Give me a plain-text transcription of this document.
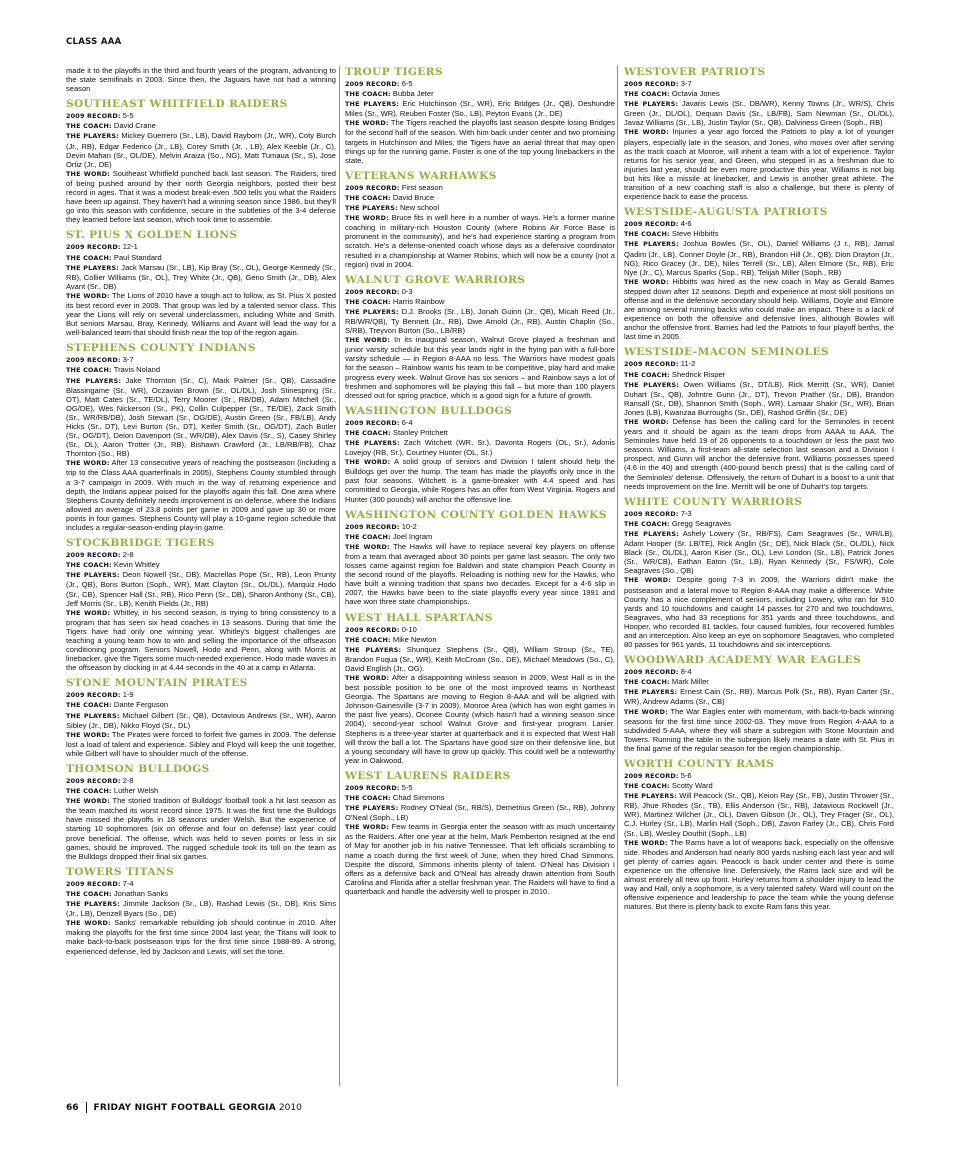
CLASS AAA

made it to the playoffs in the third and fourth years of the program, advancing to the state semifinals in 2003. Since then, the Jaguars have not had a winning season

SOUTHEAST WHITFIELD RAIDERS

2009 RECORD: 5-5

THE COACH: David Crane

THE PLAYERS: Mickey Guerrero (Sr., LB), David Rayborn (Jr., WR), Coty Burch (Jr., RB), Edgar Federico (Jr., LB), Corey Smith (Jr. , LB), Alex Keeble (Jr., C), Devin Mahan (Sr., OL/DE), Melvin Araiza (So., NG), Matt Tumaua (Sr., S), Jose Ortiz (Jr., DE)

THE WORD: Southeast Whitfield punched back last season. The Raiders, tired of being pushed around by their north Georgia neighbors, posted their best record in ages. That it was a modest break-even .500 tells you what the Raiders have been up against. They haven't had a winning season since 1986, but they'll go into this season with confidence, secure in the subtleties of the 3-4 defense they learned before last season, which took time to assemble.

ST. PIUS X GOLDEN LIONS

2009 RECORD: 12-1

THE COACH: Paul Standard

THE PLAYERS: Jack Marsau (Sr., LB), Kip Bray (Sr., OL), George Kennedy (Sr., RB), Collier Williams (Sr., OL), Trey White (Jr., QB), Geno Smith (Jr., DB), Alex Avant (Sr., DB)

THE WORD: The Lions of 2010 have a tough act to follow, as St. Pius X posted its best record ever in 2009. That group was led by a talented senior class. This year the Lions will rely on several underclassmen, including White and Smith. But seniors Marsau, Bray, Kennedy, Williams and Avant will lead the way for a well-balanced team that should finish near the top of the region again.

STEPHENS COUNTY INDIANS

2009 RECORD: 3-7

THE COACH: Travis Noland

THE PLAYERS: Jake Thornton (Sr., C), Mark Palmer (Sr., QB), Cassadine Blassingame (Sr., WR), Oczavian Brown (Sr., OL/DL), Josh Stinespring (Sr., OT), Matt Cates (Sr., TE/DL), Terry Moorer (Sr., RB/DB), Adam Mitchell (Sr., OG/DE), Wes Nickerson (Sr., PK), Collin Culpepper (Sr., TE/DE), Zack Smith (Sr., WR/RB/DB), Josh Stewart (Sr., OG/DE), Austin Green (Sr., FB/LB), Andy Hicks (Sr., DT), Levi Burton (Sr., DT), Keifer Smith (Sr., OG/DT), Zach Butler (Sr., OG/DT), Deion Davenport (Sr., WR/DB), Alex Davis (Sr., S), Casey Shirley (Sr., OL), Aaron Trotter (Jr., RB), Bishawn Crawford (Jr., LB/RB/FB), Chaz Thornton (So., RB)

THE WORD: After 13 consecutive years of reaching the postseason (including a trip to the Class AAA quarterfinals in 2005), Stephens County stumbled through a 3-7 campaign in 2009. With much in the way of returning experience and depth, the Indians appear poised for the playoffs again this fall. One area where Stephens County definitely needs improvement is on defense, where the Indians allowed an average of 23.8 points per game in 2009 and gave up 30 or more points in four games. Stephens County will play a 10-game region schedule that includes a regular-season-ending play-in game.

STOCKBRIDGE TIGERS

2009 RECORD: 2-8

THE COACH: Kevin Whitley

THE PLAYERS: Deon Nowell (Sr., DB), Macrellas Pope (Sr., RB), Leon Prunty (Jr., QB), Boris Burton (Soph., WR), Matt Clayton (Sr., OL/DL), Marquiz Hodo (Sr., CB), Spencer Hall (Sr., RB), Rico Penn (Sr., DB), Sharon Anthony (Sr., CB), Jeff Morris (Sr., LB), Kenith Fields (Jr., RB)

THE WORD: Whitley, in his second season, is trying to bring consistency to a program that has seen six head coaches in 13 seasons. During that time the Tigers have had only one winning year. Whitley's biggest challenges are teaching a young team how to win and selling the importance of the offseason conditioning program. Seniors Nowell, Hodo and Penn, along with Morris at linebacker, give the Tigers some much-needed experience. Hodo made waves in the offseason by clocking in at 4.44 seconds in the 40 at a camp in Atlanta.

STONE MOUNTAIN PIRATES

2009 RECORD: 1-9

THE COACH: Dante Ferguson

THE PLAYERS: Michael Gilbert (Sr., QB), Octavious Andrews (Sr., WR), Aaron Sibley (Jr., DB), Nikko Floyd (Sr., DL)

THE WORD: The Pirates were forced to forfeit five games in 2009. The defense lost a load of talent and experience. Sibley and Floyd will keep the unit together, while Gilbert will have to shoulder much of the offense.

THOMSON BULLDOGS

2009 RECORD: 2-8

THE COACH: Luther Welsh

THE WORD: The storied tradition of Bulldogs' football took a hit last season as the team matched its worst record since 1975. It was the first time the Bulldogs have missed the playoffs in 18 seasons under Welsh. But the experience of starting 10 sophomores (six on offense and four on defense) last year could prove beneficial. The offense, which was held to seven points or less in six games, should be improved. The rugged schedule took its toll on the team as the Bulldogs dropped their final six games.

TOWERS TITANS

2009 RECORD: 7-4

THE COACH: Jonathan Sanks

THE PLAYERS: Jimmile Jackson (Sr., LB), Rashad Lewis (Sr., DB), Kris Sims (Jr., LB), Denzell Byars (So., DE)

THE WORD: Sanks' remarkable rebuilding job should continue in 2010. After making the playoffs for the first time since 2004 last year, the Titans will look to make back-to-back postseason trips for the first time since 1988-89. A strong, experienced defense, led by Jackson and Lewis, will set the tone.

TROUP TIGERS

2009 RECORD: 6-5

THE COACH: Bubba Jeter

THE PLAYERS: Eric Hutchinson (Sr., WR), Eric Bridges (Jr., QB), Deshundre Miles (Sr., WR), Reuben Foster (So., LB), Peyton Evans (Jr., DE)

THE WORD: The Tigers reached the playoffs last season despite losing Bridges for the second half of the season. With him back under center and two promising targets in Hutchinson and Miles, the Tigers have an aerial threat that may open things up for the running game. Foster is one of the top young linebackers in the state.

VETERANS WARHAWKS

2009 RECORD: First season

THE COACH: David Bruce

THE PLAYERS: New school

THE WORD: Bruce fits in well here in a number of ways. He's a former marine coaching in military-rich Houston County (where Robins Air Force Base is prominent in the community), and he's had experience starting a program from scratch. He's a defense-oriented coach whose days as a defensive coordinator resulted in a championship at Warner Robins, which will now be a county (not a region) rival in 2004.

WALNUT GROVE WARRIORS

2009 RECORD: 0-3

THE COACH: Harris Rainbow

THE PLAYERS: D.J. Brooks (Sr., LB), Jonah Guinn (Jr., QB), Micah Reed (Jr., RB/WR/QB), Ty Bennett (Jr., RB), Dwe Arnold (Jr., RB), Austin Chaplin (So., S/RB), Treyvon Burton (So., LB/RB)

THE WORD: In its inaugural season, Walnut Grove played a freshman and junior varsity schedule but this year lands right in the frying pan with a full-bore varsity schedule — in Region 8-AAA no less. The Warriors have modest goals for the season – Rainbow wants his team to be competitive, play hard and make progress every week. Walnut Grove has six seniors – and Rainbow says a lot of freshmen and sophomores will be playing this fall – but more than 100 players dressed out for spring practice, which is a good sign for a future of growth.

WASHINGTON BULLDOGS

2009 RECORD: 6-4

THE COACH: Stanley Pritchett

THE PLAYERS: Zach Witchett (WR, Sr.), Davonta Rogers (OL, Sr.), Adonis Lovejoy (RB, Sr.), Courtney Hunter (OL, Sr.)

THE WORD: A solid group of seniors and Division I talent should help the Bulldogs get over the hump. The team has made the playoffs only once in the past four seasons. Witchett is a game-breaker with 4.4 speed and has committed to Georgia, while Rogers has an offer from West Virginia. Rogers and Hunter (300 pounds) will anchor the offensive line.

WASHINGTON COUNTY GOLDEN HAWKS

2009 RECORD: 10-2

THE COACH: Joel Ingram

THE WORD: The Hawks will have to replace several key players on offense from a team that averaged about 30 points per game last season. The only two losses came against region foe Baldwin and state champion Peach County in the second round of the playoffs. Reloading is nothing new for the Hawks, who have built a winning tradition that spans two decades. Except for a 4-6 slip in 2007, the Hawks have been to the state playoffs every year since 1991 and have won three state championships.

WEST HALL SPARTANS

2009 RECORD: 0-10

THE COACH: Mike Newton

THE PLAYERS: Shunquez Stephens (Sr., QB), William Stroup (Sr., TE), Brandon Fuqua (Sr., WR), Keith McCroan (So., DE), Michael Meadows (So., C), David English (Jr., OG).

THE WORD: After a disappointing winless season in 2009, West Hall is in the best possible position to be one of the most improved teams in Northeast Georgia. The Spartans are moving to Region 8-AAA and will be aligned with Johnson-Gainesville (3-7 in 2009), Monroe Area (which has won eight games in the past five years), Oconee County (which hasn't had a winning season since 2004), second-year school Walnut Grove and first-year program Lanier. Stephens is a three-year starter at quarterback and it is expected that West Hall will throw the ball a lot. The Spartans have good size on their defensive line, but a young secondary will have to grow up quickly. This could well be a noteworthy year in Oakwood.

WEST LAURENS RAIDERS

2009 RECORD: 5-5

THE COACH: Chad Simmons

THE PLAYERS: Rodney O'Neal (Sr., RB/S), Demetrius Green (Sr., RB), Johnny O'Neal (Soph., LB)

THE WORD: Few teams in Georgia enter the season with as much uncertainty as the Raiders. After one year at the helm, Mark Pemberton resigned at the end of May for another job in his native Tennessee. That left officials scrambling to name a coach during the first week of June, when they hired Chad Simmons. Despite the discord, Simmons inherits plenty of talent. O'Neal has Division I offers as a defensive back and O'Neal has already drawn attention from South Carolina and Florida after a stellar freshman year. The Raiders will have to find a quarterback and handle the adversity well to prosper in 2010.

WESTOVER PATRIOTS

2009 RECORD: 3-7

THE COACH: Octavia Jones

THE PLAYERS: Javaris Lewis (Sr., DB/WR), Kenny Towns (Jr., WR/S), Chris Green (Jr., DL/OL), Dequan Davis (Sr., LB/FB), Sam Newman (Sr., OL/DL), Javaz Williams (Sr., LB), Justin Taylor (Sr., QB), Dalviness Green (Soph., RB)

THE WORD: Injuries a year ago forced the Patriots to play a lot of younger players, especially late in the season, and Jones, who moves over after serving as the track coach at Monroe, will inherit a team with a lot of experience. Taylor returns for his senior year, and Green, who stepped in as a freshman due to injuries last year, should be even more productive this year. Williams is not big but hits like a missile at linebacker, and Lewis is another great athlete. The transition of a new coaching staff is also a challenge, but there is plenty of experience back to ease the process.

WESTSIDE-AUGUSTA PATRIOTS

2009 RECORD: 4-6

THE COACH: Steve Hibbitts

THE PLAYERS: Joshua Bowles (Sr., OL), Daniel Williams (J r., RB), Jamal Qadim (Jr., LB), Conner Doyle (Jr., RB), Brandon Hill (Jr., QB), Dion Drayton (Jr., NG), Rico Gracey (Jr., DE), Niles Terrell (Sr., LB), Allen Elmore (Sr., RB), Eric Nye (Jr., C), Marcus Sparks (Sop., RB), Telijah Miller (Soph., RB)

THE WORD: Hibbitts was hired as the new coach in May as Gerald Barnes stepped down after 12 seasons. Depth and experience at most skill positions on offense and in the defensive secondary should help. Williams, Doyle and Elmore are among several running backs who could make an impact. There is a lack of experience on both the offensive and defensive lines, although Bowles will anchor the offensive front. Barnes had led the Patriots to four playoff berths, the last time in 2005.

WESTSIDE-MACON SEMINOLES

2009 RECORD: 11-2

THE COACH: Shedrick Risper

THE PLAYERS: Owen Williams (Sr., DT/LB), Rick Merritt (Sr., WR), Daniel Duhart (Sr., QB), Johntre Gunn (Jr., DT), Trevon Prather (Sr., DB), Brandon Ransall (Sr., DB), Shannon Smith (Soph., WR), Lamaar Shakir (Sr., WR), Brian Jones (LB), Kwanzaa Burroughs (Sr., DE), Rashod Griffin (Sr., DE)

THE WORD: Defense has been the calling card for the Seminoles in recent years and it should be again as the team drops from AAAA to AAA. The Seminoles have held 19 of 26 opponents to a touchdown or less the past two seasons. Williams, a first-team all-state selection last season and a Division I prospect, and Gunn will anchor the defensive front. Williams possesses speed (4.6 in the 40) and strength (400-pound bench press) that is the calling card of the Seminoles' defense. Offensively, the return of Duhart is a boost to a unit that needs improvement on the line. Merritt will be one of Duhart's top targets.

WHITE COUNTY WARRIORS

2009 RECORD: 7-3

THE COACH: Gregg Seagraves

THE PLAYERS: Ashely Lowery (Sr., RB/FS), Cam Seagraves (Sr., WR/LB), Adam Hooper (Sr. LB/TE), Rick Anglin (Sr., DE), Nick Black (Sr., OL/DL), Nick Black (Sr., OL/DL), Aaron Kiser (Sr., OL), Levi London (Sr., LB), Patrick Jones (Sr., WR/CB), Eathan Eaton (Sr., LB), Ryan Kennedy (Sr., FS/WR), Cole Seagraves (So., QB)

THE WORD: Despite going 7-3 in 2009, the Warriors didn't make the postseason and a lateral move to Region 8-AAA may make a difference. White County has a nice complement of seniors, including Lowery, who ran for 910 yards and 10 touchdowns and caught 14 passes for 270 and two touchdowns, Seagraves, who had 33 receptions for 351 yards and three touchdowns, and Hooper, who recorded 81 tackles, four caused fumbles, four recovered fumbles and an interception. Also keep an eye on sophomore Seagraves, who completed 80 passes for 961 yards, 11 touchdowns and six interceptions.

WOODWARD ACADEMY WAR EAGLES

2009 RECORD: 8-4

THE COACH: Mark Miller

THE PLAYERS: Ernest Cain (Sr., RB), Marcus Polk (Sr., RB), Ryan Carter (Sr., WR), Andrew Adams (Sr., CB)

THE WORD: The War Eagles enter with momentum, with back-to-back winning seasons for the first time since 2002-03. They move from Region 4-AAA to a subdivided 5-AAA, where they will share a subregion with Stone Mountain and Towers. Running the table in the subregion likely means a date with St. Pius in the final game of the regular season for the region championship.

WORTH COUNTY RAMS

2009 RECORD: 5-6

THE COACH: Scotty Ward

THE PLAYERS: Will Peacock (Sr., QB), Keion Ray (Sr., FB), Justin Thrower (Sr., RB), Jhue Rhodes (Sr., TB), Ellis Anderson (Sr., RB), Jatavious Rockwell (Jr., WR), Martinez Wilcher (Jr., OL), Daven Gibson (Jr., OL), Trey Frager (Sr., OL), C.J. Hurley (Sr., LB), Marlin Hall (Soph., DB), Zavon Farley (Jr., CB), Chris Ford (Sr., LB), Wesley Douthit (Soph., LB)

THE WORD: The Rams have a lot of weapons back, especially on the offensive side. Rhodes and Anderson had nearly 800 yards rushing each last year and will get plenty of carries again. Peacock is back under center and there is some experience on the offensive line. Defensively, the Rams lack size and will be almost entirely all new up front. Hurley returns from a shoulder injury to lead the way and Hall, only a sophomore, is a very talented safety. Ward will count on the offensive experience and leadership to pace the team while the young defense matures. But there is plenty back to excite Ram fans this year.

66 FRIDAY NIGHT FOOTBALL GEORGIA 2010
